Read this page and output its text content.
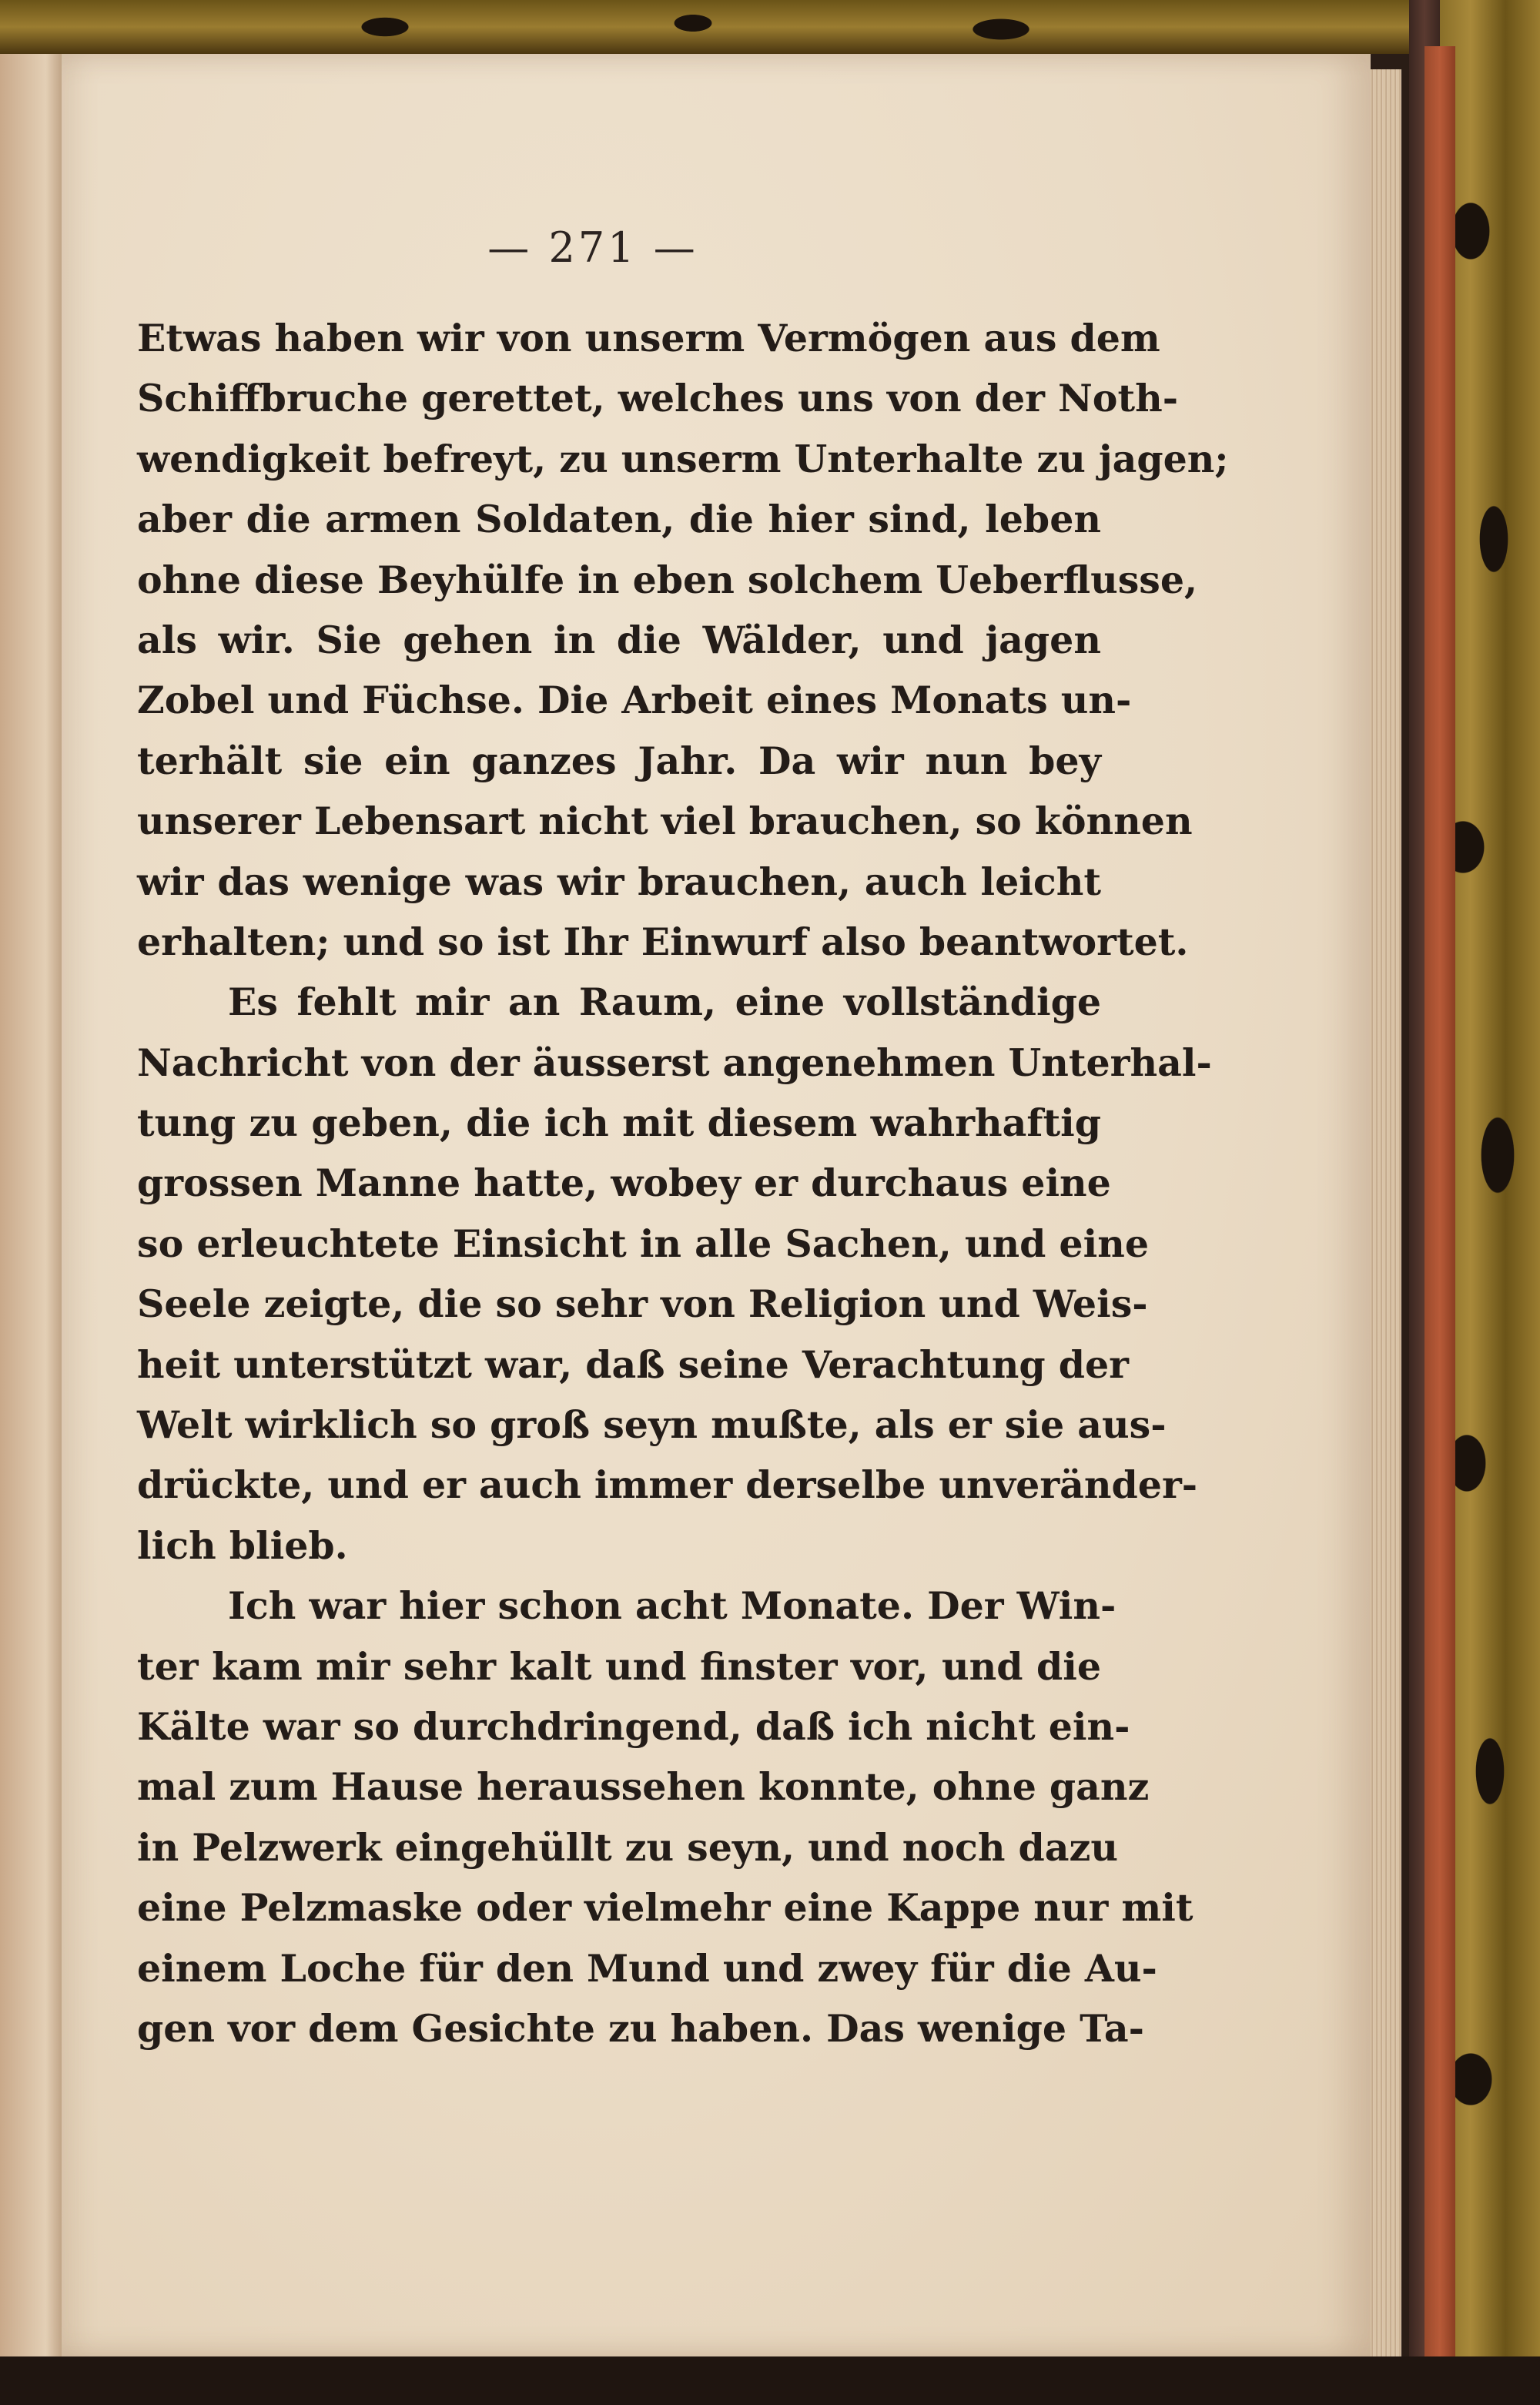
— 271 —
Etwas haben wir von unserm Vermögen aus dem
Schiffbruche gerettet, welches uns von der Noth-
wendigkeit befreyt, zu unserm Unterhalte zu jagen;
aber die armen Soldaten, die hier sind, leben
ohne diese Beyhülfe in eben solchem Ueberflusse,
als wir. Sie gehen in die Wälder, und jagen
Zobel und Füchse. Die Arbeit eines Monats un-
terhält sie ein ganzes Jahr. Da wir nun bey
unserer Lebensart nicht viel brauchen, so können
wir das wenige was wir brauchen, auch leicht
erhalten; und so ist Ihr Einwurf also beantwortet.
Es fehlt mir an Raum, eine vollständige
Nachricht von der äusserst angenehmen Unterhal-
tung zu geben, die ich mit diesem wahrhaftig
grossen Manne hatte, wobey er durchaus eine
so erleuchtete Einsicht in alle Sachen, und eine
Seele zeigte, die so sehr von Religion und Weis-
heit unterstützt war, daß seine Verachtung der
Welt wirklich so groß seyn mußte, als er sie aus-
drückte, und er auch immer derselbe unveränder-
lich blieb.
Ich war hier schon acht Monate. Der Win-
ter kam mir sehr kalt und finster vor, und die
Kälte war so durchdringend, daß ich nicht ein-
mal zum Hause heraussehen konnte, ohne ganz
in Pelzwerk eingehüllt zu seyn, und noch dazu
eine Pelzmaske oder vielmehr eine Kappe nur mit
einem Loche für den Mund und zwey für die Au-
gen vor dem Gesichte zu haben. Das wenige Ta-
